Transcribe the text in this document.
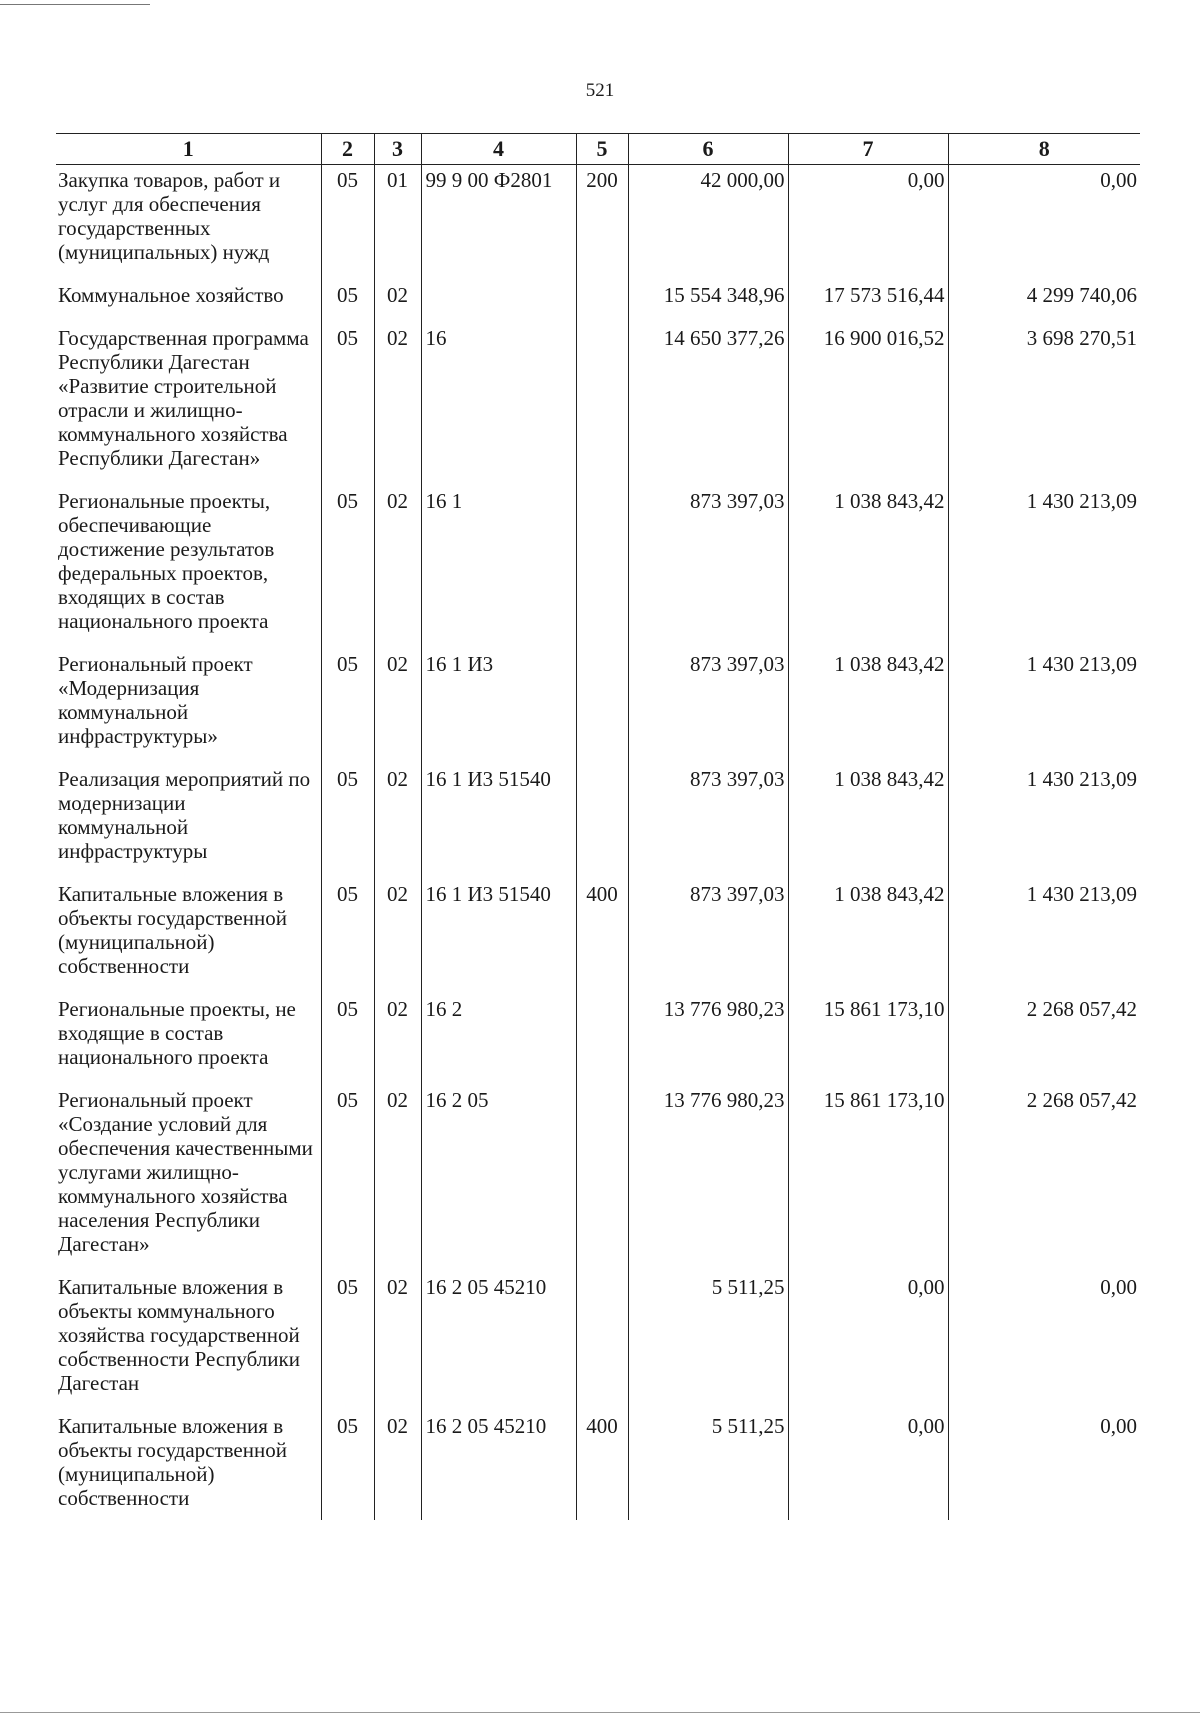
521
1	2	3	4	5	6	7	8
Закупка товаров, работ и услуг для обеспечения государственных (муниципальных) нужд	05	01	99 9 00 Ф2801	200	42 000,00	0,00	0,00
Коммунальное хозяйство	05	02			15 554 348,96	17 573 516,44	4 299 740,06
Государственная программа Республики Дагестан «Развитие строительной отрасли и жилищно-коммунального хозяйства Республики Дагестан»	05	02	16		14 650 377,26	16 900 016,52	3 698 270,51
Региональные проекты, обеспечивающие достижение результатов федеральных проектов, входящих в состав национального проекта	05	02	16 1		873 397,03	1 038 843,42	1 430 213,09
Региональный проект «Модернизация коммунальной инфраструктуры»	05	02	16 1 И3		873 397,03	1 038 843,42	1 430 213,09
Реализация мероприятий по модернизации коммунальной инфраструктуры	05	02	16 1 И3 51540		873 397,03	1 038 843,42	1 430 213,09
Капитальные вложения в объекты государственной (муниципальной) собственности	05	02	16 1 И3 51540	400	873 397,03	1 038 843,42	1 430 213,09
Региональные проекты, не входящие в состав национального проекта	05	02	16 2		13 776 980,23	15 861 173,10	2 268 057,42
Региональный проект «Создание условий для обеспечения качественными услугами жилищно-коммунального хозяйства населения Республики Дагестан»	05	02	16 2 05		13 776 980,23	15 861 173,10	2 268 057,42
Капитальные вложения в объекты коммунального хозяйства государственной собственности Республики Дагестан	05	02	16 2 05 45210		5 511,25	0,00	0,00
Капитальные вложения в объекты государственной (муниципальной) собственности	05	02	16 2 05 45210	400	5 511,25	0,00	0,00
